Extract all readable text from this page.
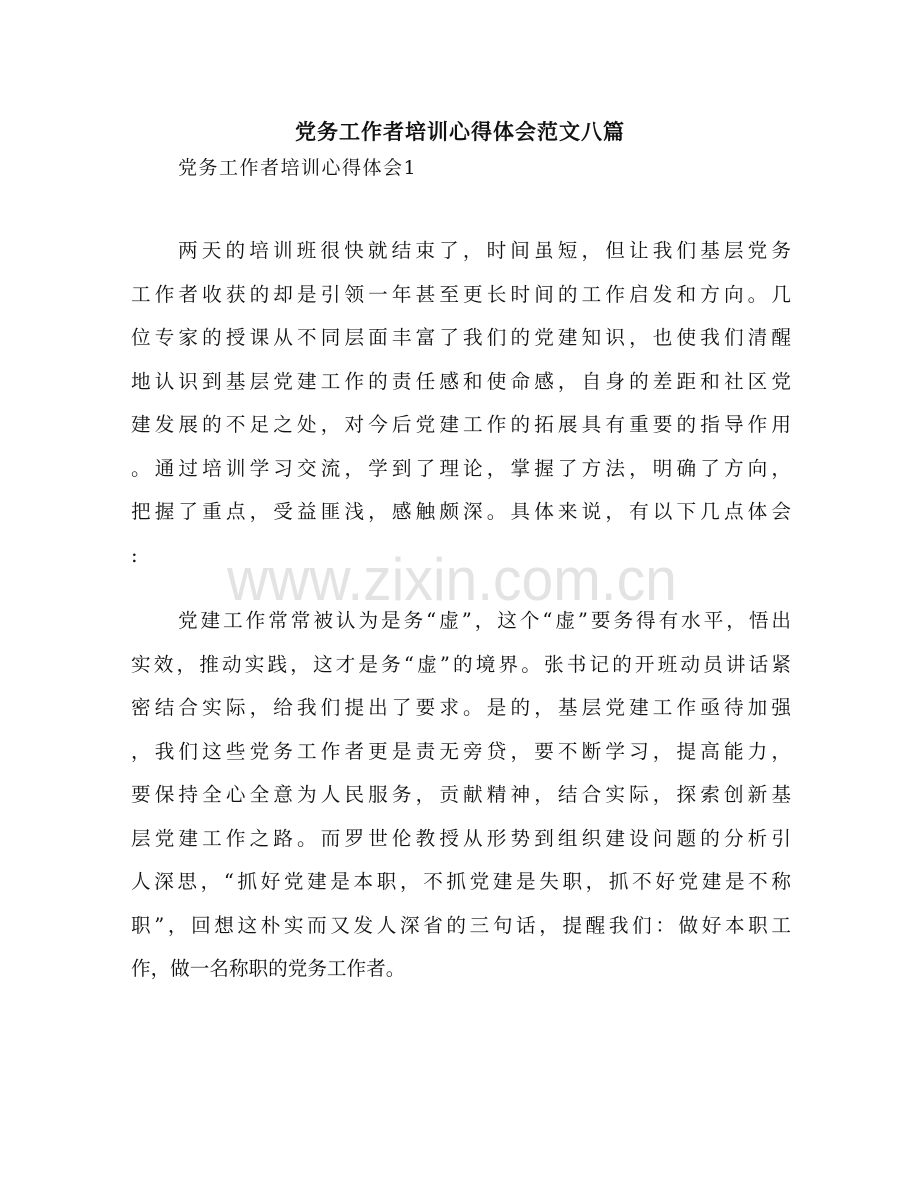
www.zixin.com.cn
党务工作者培训心得体会范文八篇
党务工作者培训心得体会1
两天的培训班很快就结束了，时间虽短，但让我们基层党务
工作者收获的却是引领一年甚至更长时间的工作启发和方向。几
位专家的授课从不同层面丰富了我们的党建知识，也使我们清醒
地认识到基层党建工作的责任感和使命感，自身的差距和社区党
建发展的不足之处，对今后党建工作的拓展具有重要的指导作用
。通过培训学习交流，学到了理论，掌握了方法，明确了方向，
把握了重点，受益匪浅，感触颇深。具体来说，有以下几点体会
:
党建工作常常被认为是务“虚”，这个“虚”要务得有水平，悟出
实效，推动实践，这才是务“虚”的境界。张书记的开班动员讲话紧
密结合实际，给我们提出了要求。是的，基层党建工作亟待加强
，我们这些党务工作者更是责无旁贷，要不断学习，提高能力，
要保持全心全意为人民服务，贡献精神，结合实际，探索创新基
层党建工作之路。而罗世伦教授从形势到组织建设问题的分析引
人深思，“抓好党建是本职，不抓党建是失职，抓不好党建是不称
职”，回想这朴实而又发人深省的三句话，提醒我们：做好本职工
作，做一名称职的党务工作者。
